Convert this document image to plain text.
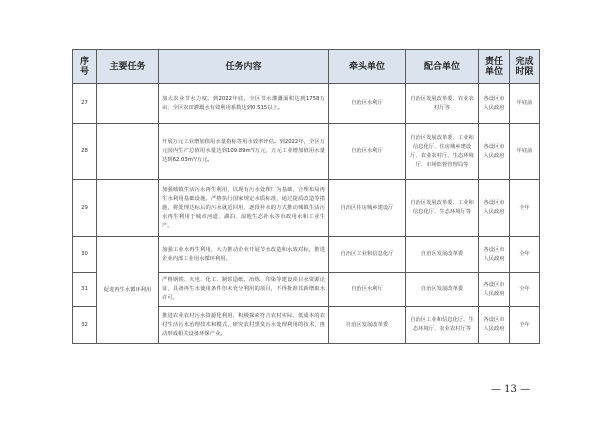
序号	主要任务	任务内容	牵头单位	配合单位	责任单位	完成时限
27		加大农业节水力度。到2022年底，全区节水灌溉面积达到1758万亩，全区农田灌溉水有效利用系数达到0.515以上。	自治区水利厅	自治区发展改革委、农业农村厅等	各设区市人民政府	年底前
28		开展万元工业增加值用水量指标等用水效率评估。到2022年，全区万元国内生产总值用水量达到109.89m³/万元，万元工业增加值用水量达到62.03m³/万元。	自治区水利厅	自治区发展改革委、工业和信息化厅、住房城乡建设厅、农业农村厅、生态环境厅、市场监督管理局等	各设区市人民政府	年底前
29		加强城镇生活污水再生利用，以现有污水处理厂为基础，合理布局再生水利用基础设施。严格执行国家规定水质标准，通过提质改造等措施，将处理达标后的污水就近回用，逐段补水的方式推动城镇生活污水再生利用于城市河道、湖泊、湿地生态补水等市政用水和工业生产。	自治区住房城乡建设厅	自治区发展改革委、工业和信息化厅、生态环境厅等	各设区市人民政府	全年
30	促进再生水循环利用	加强工业水再生利用，大力推动企业开展节水改造和水效对标，推进企业内部工业用水循环利用。	自治区工业和信息化厅	自治区发展改革委	各设区市人民政府	全年
31		严格钢铁、火电、化工、制浆造纸、冶炼、印染等建设项目水资源论证，具备再生水使用条件但未充分利用的项目，不得批准其新增取水许可。	自治区水利厅	自治区发展改革委	各设区市人民政府	全年
32		推进农业农村污水资源化利用，积极探索符合农村实际、低成本的农村生活污水治理技术和模式，研究农村黑臭污水处理利用的技术，推动形成相关设备环保产业。	自治区发展改革委	自治区工业和信息化厅、生态环境厅、农业农村厅等	各设区市人民政府	全年
— 13 —
